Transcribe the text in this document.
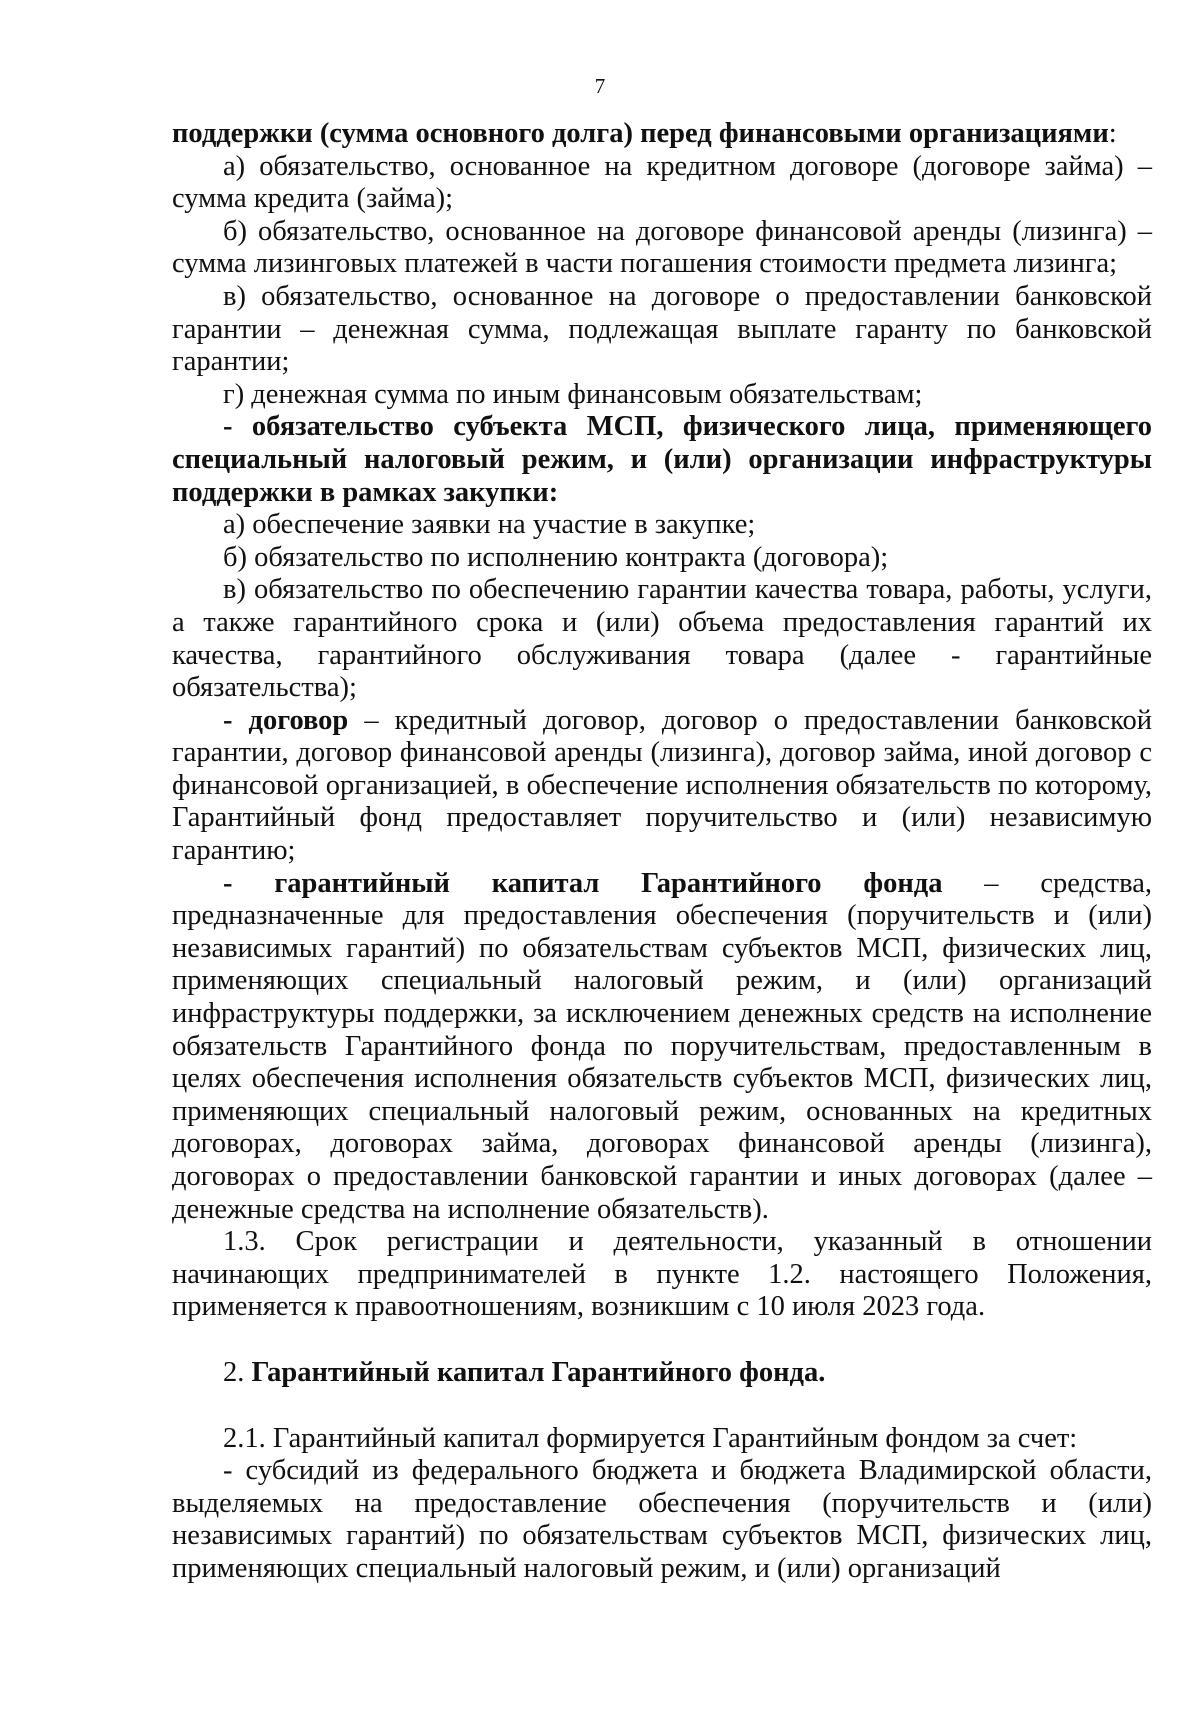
7

поддержки (сумма основного долга) перед финансовыми организациями:

а) обязательство, основанное на кредитном договоре (договоре займа) – сумма кредита (займа);

б) обязательство, основанное на договоре финансовой аренды (лизинга) – сумма лизинговых платежей в части погашения стоимости предмета лизинга;

в) обязательство, основанное на договоре о предоставлении банковской гарантии – денежная сумма, подлежащая выплате гаранту по банковской гарантии;

г) денежная сумма по иным финансовым обязательствам;

- обязательство субъекта МСП, физического лица, применяющего специальный налоговый режим, и (или) организации инфраструктуры поддержки в рамках закупки:

а) обеспечение заявки на участие в закупке;

б) обязательство по исполнению контракта (договора);

в) обязательство по обеспечению гарантии качества товара, работы, услуги, а также гарантийного срока и (или) объема предоставления гарантий их качества, гарантийного обслуживания товара (далее - гарантийные обязательства);

- договор – кредитный договор, договор о предоставлении банковской гарантии, договор финансовой аренды (лизинга), договор займа, иной договор с финансовой организацией, в обеспечение исполнения обязательств по которому, Гарантийный фонд предоставляет поручительство и (или) независимую гарантию;

- гарантийный капитал Гарантийного фонда – средства, предназначенные для предоставления обеспечения (поручительств и (или) независимых гарантий) по обязательствам субъектов МСП, физических лиц, применяющих специальный налоговый режим, и (или) организаций инфраструктуры поддержки, за исключением денежных средств на исполнение обязательств Гарантийного фонда по поручительствам, предоставленным в целях обеспечения исполнения обязательств субъектов МСП, физических лиц, применяющих специальный налоговый режим, основанных на кредитных договорах, договорах займа, договорах финансовой аренды (лизинга), договорах о предоставлении банковской гарантии и иных договорах (далее – денежные средства на исполнение обязательств).

1.3. Срок регистрации и деятельности, указанный в отношении начинающих предпринимателей в пункте 1.2. настоящего Положения, применяется к правоотношениям, возникшим с 10 июля 2023 года.

2. Гарантийный капитал Гарантийного фонда.

2.1. Гарантийный капитал формируется Гарантийным фондом за счет:

- субсидий из федерального бюджета и бюджета Владимирской области, выделяемых на предоставление обеспечения (поручительств и (или) независимых гарантий) по обязательствам субъектов МСП, физических лиц, применяющих специальный налоговый режим, и (или) организаций
